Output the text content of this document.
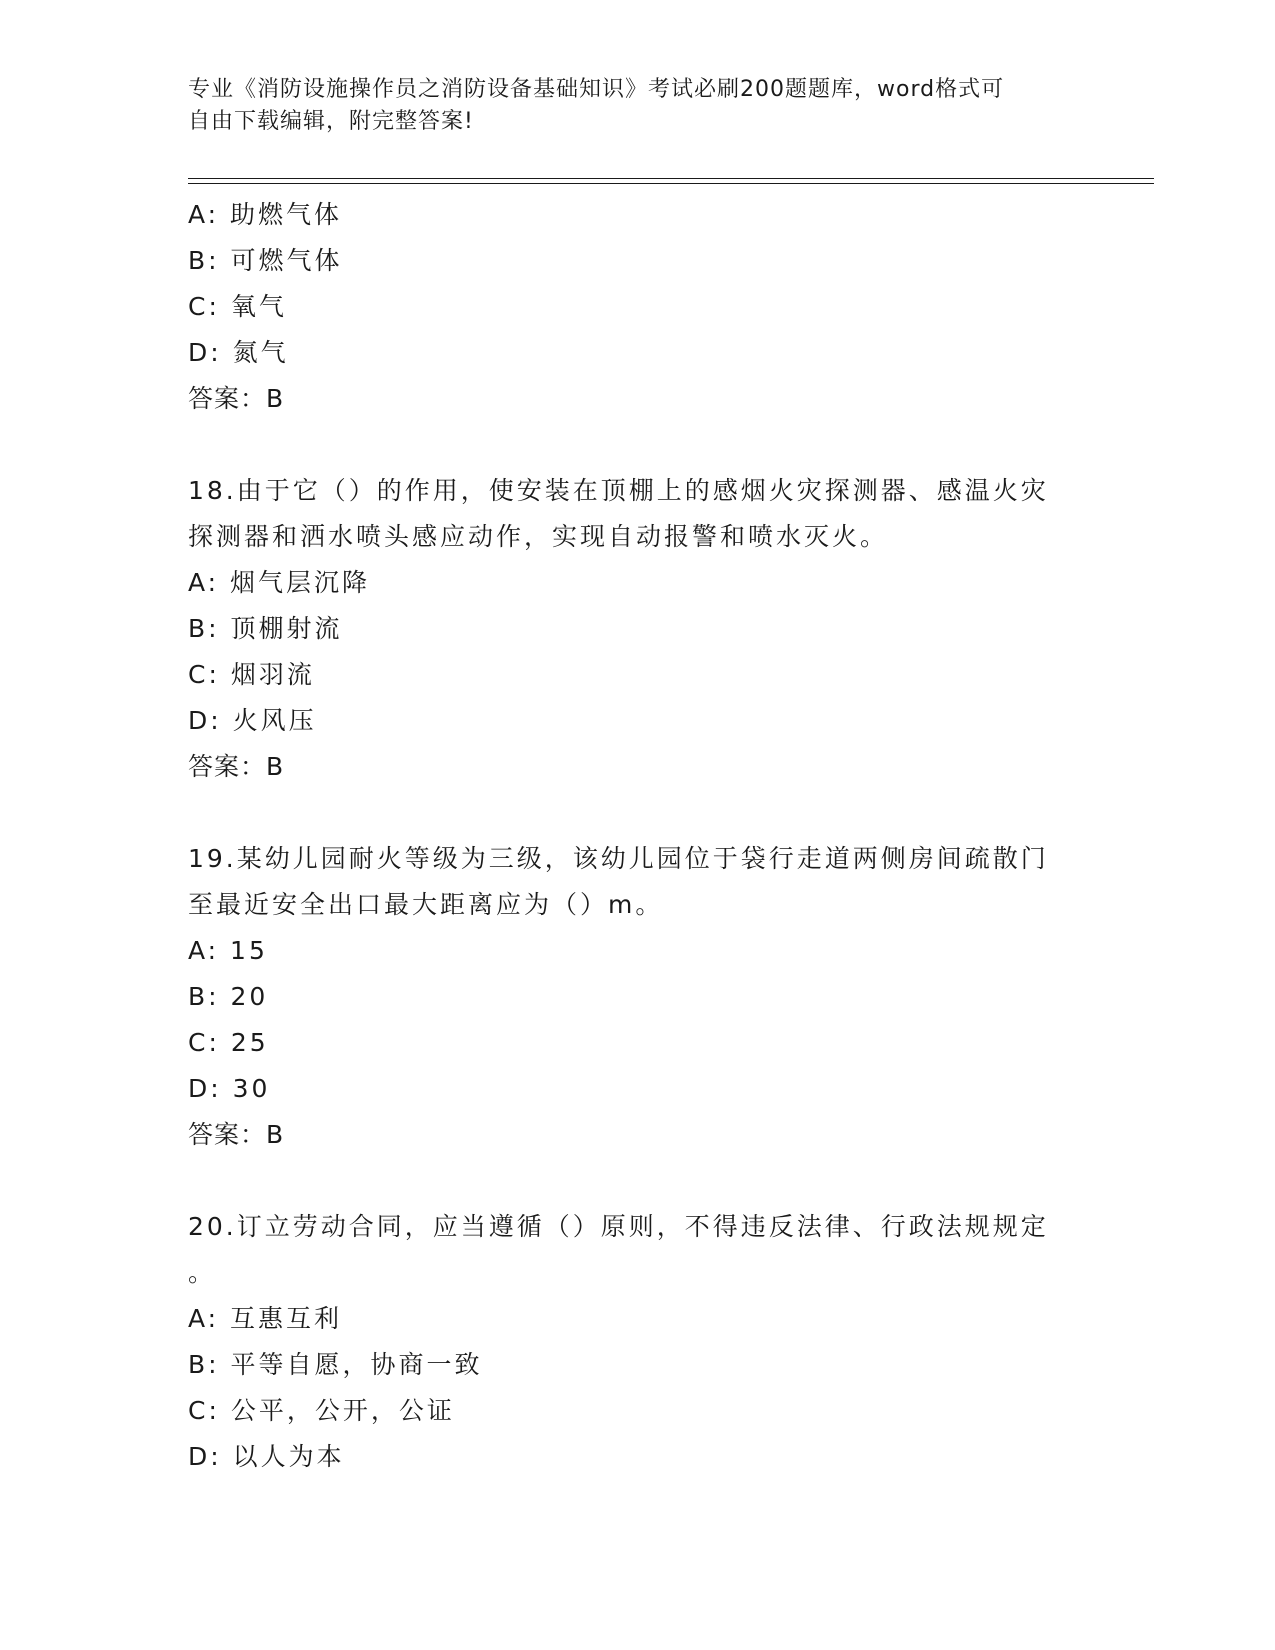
专业《消防设施操作员之消防设备基础知识》考试必刷200题题库，word格式可
自由下载编辑，附完整答案!
A: 助燃气体
B: 可燃气体
C: 氧气
D: 氮气
答案：B
18.由于它（）的作用，使安装在顶棚上的感烟火灾探测器、感温火灾
探测器和洒水喷头感应动作，实现自动报警和喷水灭火。
A: 烟气层沉降
B: 顶棚射流
C: 烟羽流
D: 火风压
答案：B
19.某幼儿园耐火等级为三级，该幼儿园位于袋行走道两侧房间疏散门
至最近安全出口最大距离应为（）m。
A: 15
B: 20
C: 25
D: 30
答案：B
20.订立劳动合同，应当遵循（）原则，不得违反法律、行政法规规定
。
A: 互惠互利
B: 平等自愿，协商一致
C: 公平，公开，公证
D: 以人为本
